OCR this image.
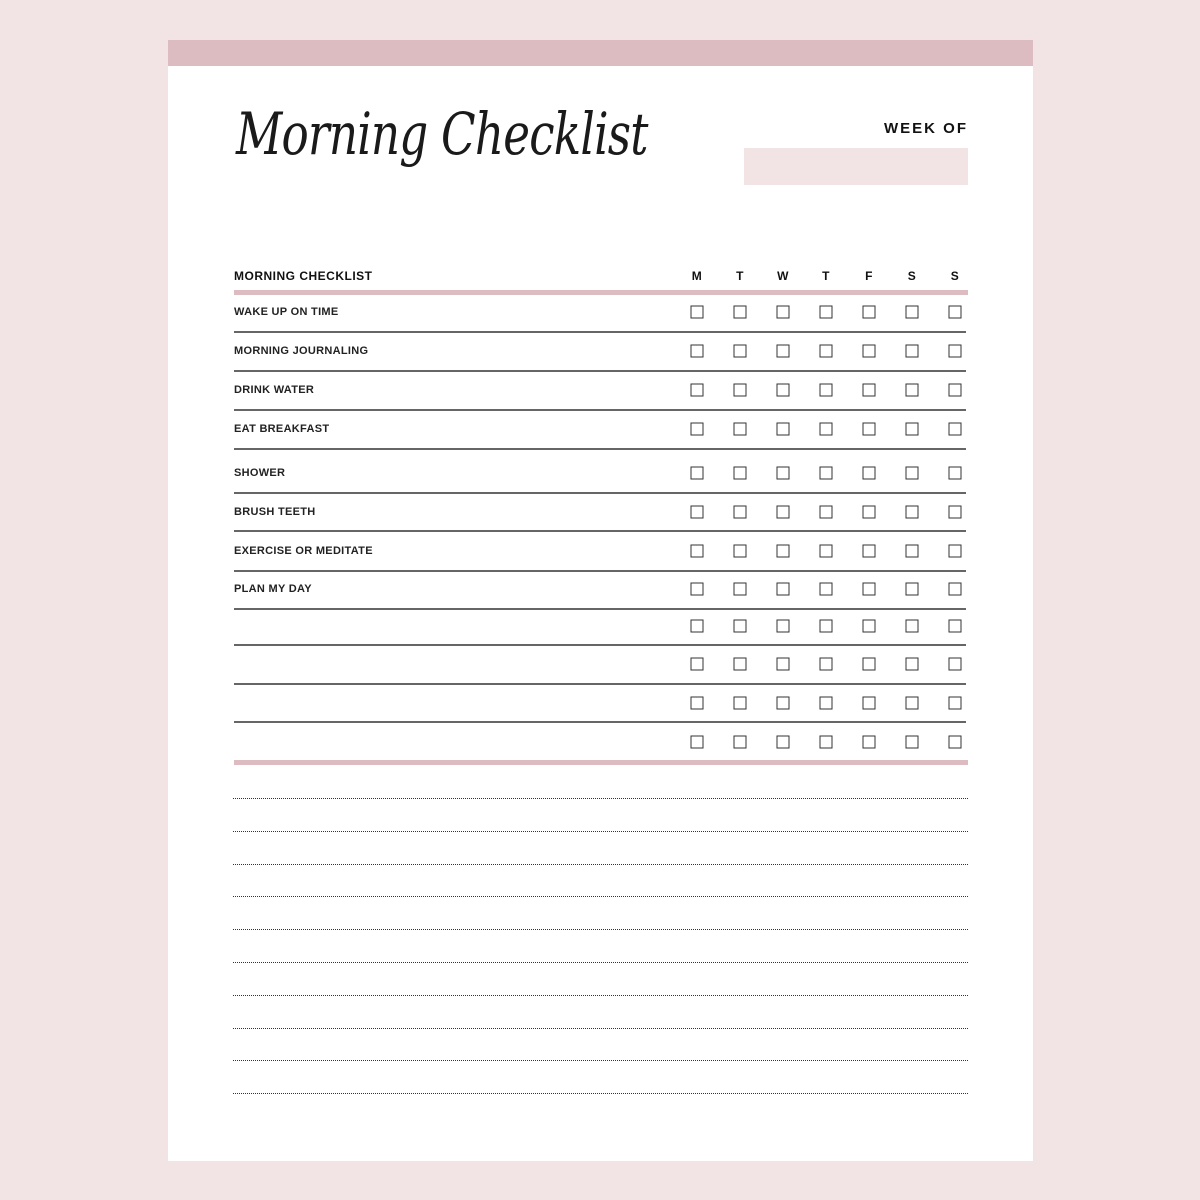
Morning Checklist	WEEK OF
MORNING CHECKLIST	M	T	W	T	F	S	S
WAKE UP ON TIME
MORNING JOURNALING
DRINK WATER
EAT BREAKFAST
SHOWER
BRUSH TEETH
EXERCISE OR MEDITATE
PLAN MY DAY
